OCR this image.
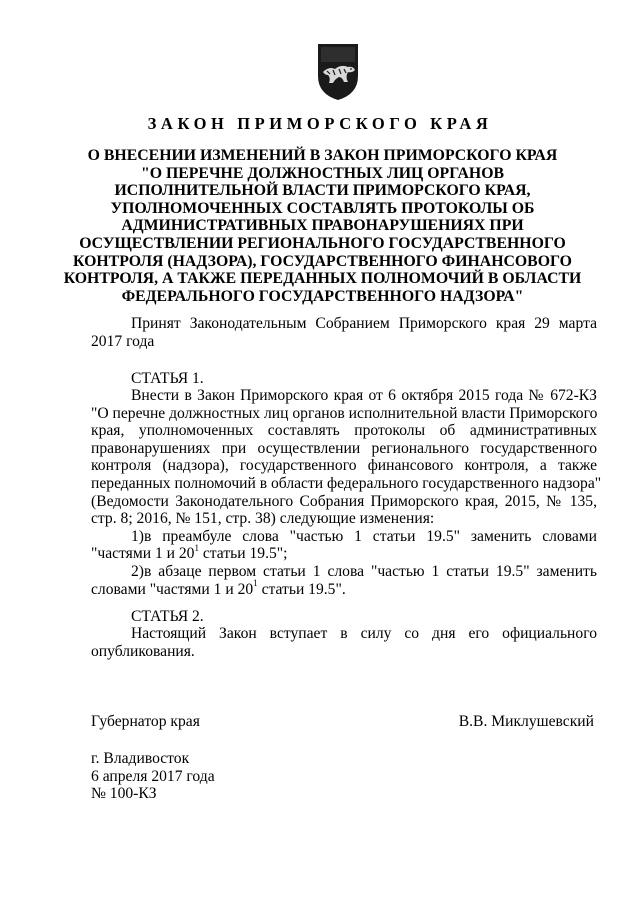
ЗАКОН ПРИМОРСКОГО КРАЯ
О ВНЕСЕНИИ ИЗМЕНЕНИЙ В ЗАКОН ПРИМОРСКОГО КРАЯ
"О ПЕРЕЧНЕ ДОЛЖНОСТНЫХ ЛИЦ ОРГАНОВ
ИСПОЛНИТЕЛЬНОЙ ВЛАСТИ ПРИМОРСКОГО КРАЯ,
УПОЛНОМОЧЕННЫХ СОСТАВЛЯТЬ ПРОТОКОЛЫ ОБ
АДМИНИСТРАТИВНЫХ ПРАВОНАРУШЕНИЯХ ПРИ
ОСУЩЕСТВЛЕНИИ РЕГИОНАЛЬНОГО ГОСУДАРСТВЕННОГО
КОНТРОЛЯ (НАДЗОРА), ГОСУДАРСТВЕННОГО ФИНАНСОВОГО
КОНТРОЛЯ, А ТАКЖЕ ПЕРЕДАННЫХ ПОЛНОМОЧИЙ В ОБЛАСТИ
ФЕДЕРАЛЬНОГО ГОСУДАРСТВЕННОГО НАДЗОРА"
Принят Законодательным Собранием Приморского края 29 марта
2017 года
СТАТЬЯ 1.
Внести в Закон Приморского края от 6 октября 2015 года № 672-КЗ
"О перечне должностных лиц органов исполнительной власти Приморского
края, уполномоченных составлять протоколы об административных
правонарушениях при осуществлении регионального государственного
контроля (надзора), государственного финансового контроля, а также
переданных полномочий в области федерального государственного надзора"
(Ведомости Законодательного Собрания Приморского края, 2015, № 135,
стр. 8; 2016, № 151, стр. 38) следующие изменения:
1)в преамбуле слова "частью 1 статьи 19.5" заменить словами
"частями 1 и $20^1$ статьи 19.5";
2)в абзаце первом статьи 1 слова "частью 1 статьи 19.5" заменить
словами "частями 1 и $20^1$ статьи 19.5".
СТАТЬЯ 2.
Настоящий Закон вступает в силу со дня его официального
опубликования.
Губернатор края	В.В. Миклушевский
г. Владивосток
6 апреля 2017 года
№ 100-КЗ
